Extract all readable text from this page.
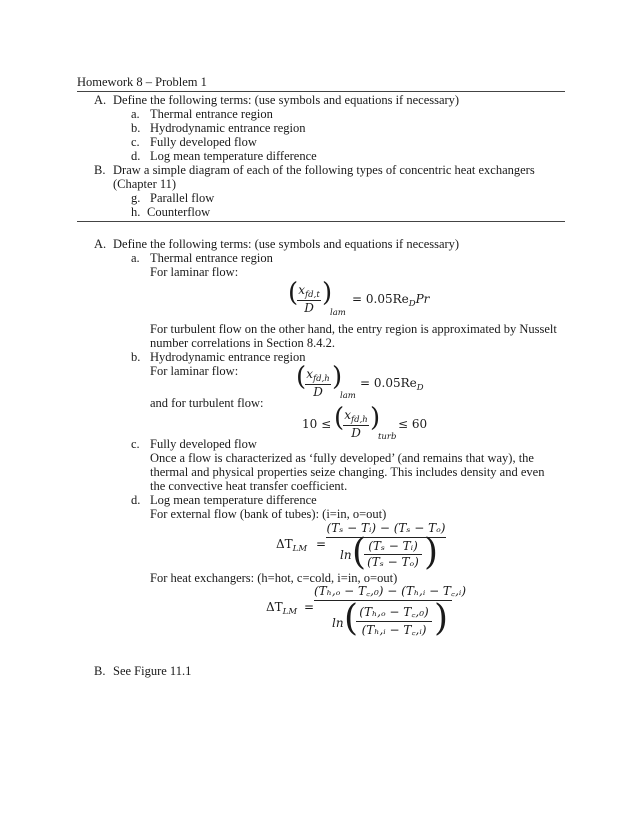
Homework 8 – Problem 1
A. Define the following terms: (use symbols and equations if necessary)
a. Thermal entrance region
b. Hydrodynamic entrance region
c. Fully developed flow
d. Log mean temperature difference
B. Draw a simple diagram of each of the following types of concentric heat exchangers
(Chapter 11)
g. Parallel flow
h. Counterflow
A. Define the following terms: (use symbols and equations if necessary)
a. Thermal entrance region
For laminar flow:
( $x_{fd,t}$
D )
lam
= $0.05Re_DPr$
For turbulent flow on the other hand, the entry region is approximated by Nusselt
number correlations in Section 8.4.2.
b. Hydrodynamic entrance region
For laminar flow: ( $x_{fd,h}$
D )
lam
= $0.05Re_D$
and for turbulent flow:
10 ≤ ( $x_{fd,h}$
D )
turb
≤ 60
c. Fully developed flow
Once a flow is characterized as ‘fully developed’ (and remains that way), the
thermal and physical properties seize changing. This includes density and even
the convective heat transfer coefficient.
d. Log mean temperature difference
For external flow (bank of tubes): (i=in, o=out)
$\Delta T_{LM}$ =
(Tₛ − Tᵢ) − (Tₛ − Tₒ)
ln ( (Tₛ − Tᵢ)
(Tₛ − Tₒ) )
For heat exchangers: (h=hot, c=cold, i=in, o=out)
$\Delta T_{LM}$ =
(Tₕ,ₒ − T꜀,₀) − (Tₕ,ᵢ − T꜀,ᵢ)
ln ( (Tₕ,ₒ − T꜀,₀)
(Tₕ,ᵢ − T꜀,ᵢ) )
B. See Figure 11.1
